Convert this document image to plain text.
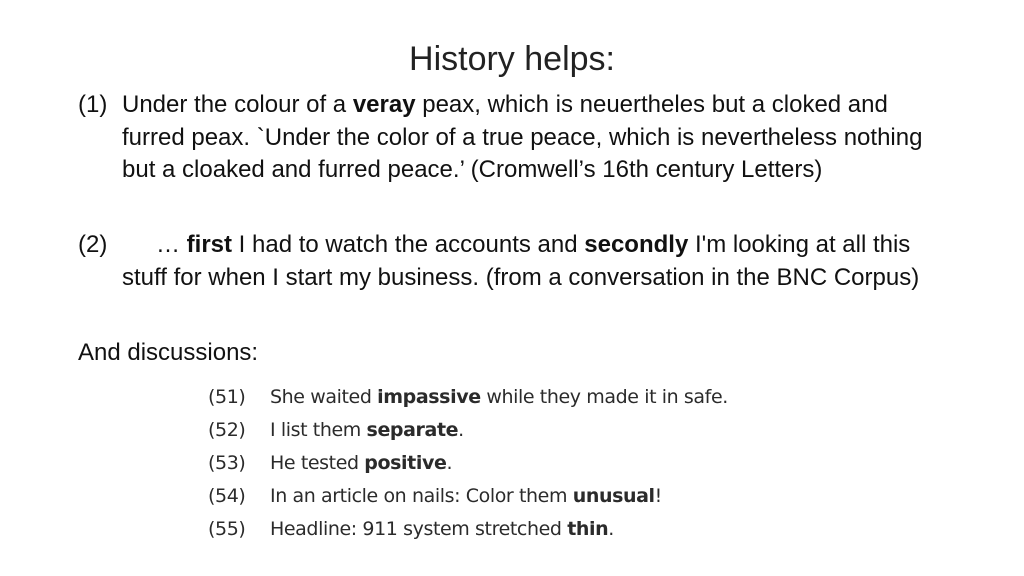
History helps:
(1) Under the colour of a veray peax, which is neuertheles but a cloked and furred peax. `Under the color of a true peace, which is nevertheless nothing but a cloaked and furred peace.’ (Cromwell’s 16th century Letters)
(2)	… first I had to watch the accounts and secondly I'm looking at all this stuff for when I start my business. (from a conversation in the BNC Corpus)
And discussions:
(51) She waited impassive while they made it in safe.
(52) I list them separate.
(53) He tested positive.
(54) In an article on nails: Color them unusual!
(55) Headline: 911 system stretched thin.
